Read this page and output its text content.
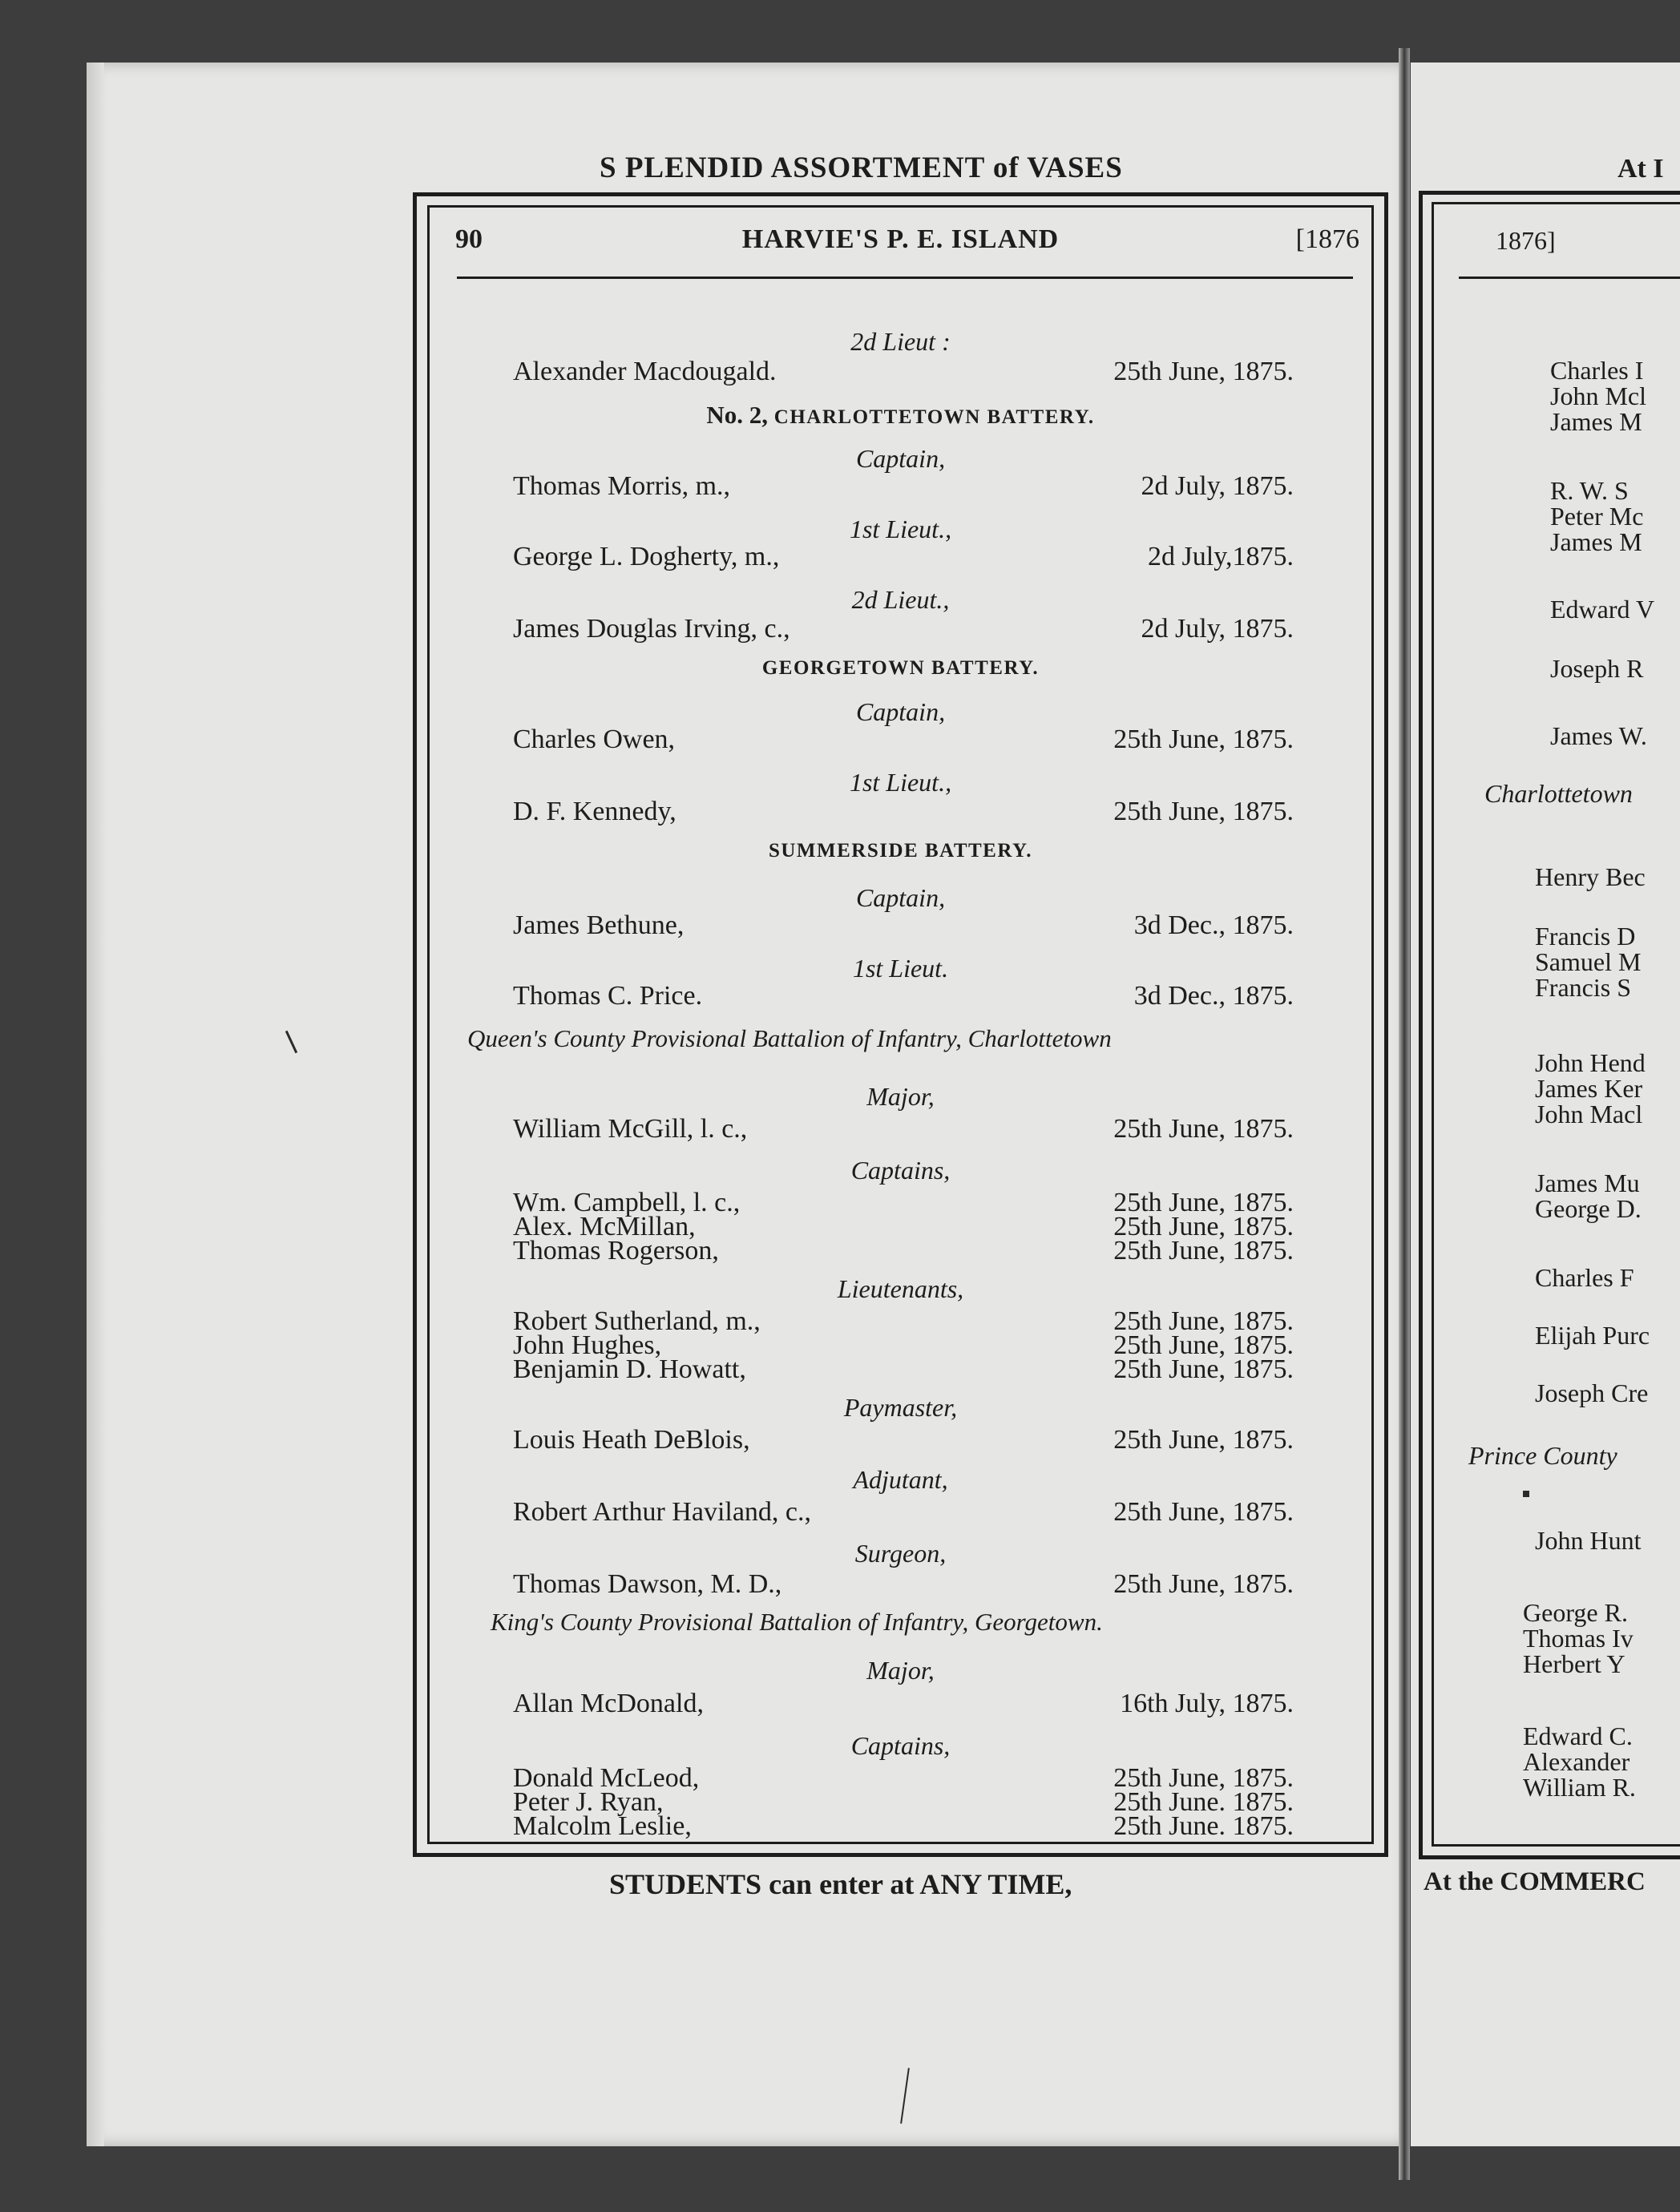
S PLENDID ASSORTMENT of VASES
90	HARVIE'S P. E. ISLAND	[1876
2d Lieut :
Alexander Macdougald.	25th June, 1875.
No. 2, CHARLOTTETOWN BATTERY.
Captain,
Thomas Morris, m.,	2d July, 1875.
1st Lieut.,
George L. Dogherty, m.,	2d July,1875.
2d Lieut.,
James Douglas Irving, c.,	2d July, 1875.
GEORGETOWN BATTERY.
Captain,
Charles Owen,	25th June, 1875.
1st Lieut.,
D. F. Kennedy,	25th June, 1875.
SUMMERSIDE BATTERY.
Captain,
James Bethune,	3d Dec., 1875.
1st Lieut.
Thomas C. Price.	3d Dec., 1875.
Queen's County Provisional Battalion of Infantry, Charlottetown
Major,
William McGill, l. c.,	25th June, 1875.
Captains,
Wm. Campbell, l. c.,	25th June, 1875.
Alex. McMillan,	25th June, 1875.
Thomas Rogerson,	25th June, 1875.
Lieutenants,
Robert Sutherland, m.,	25th June, 1875.
John Hughes,	25th June, 1875.
Benjamin D. Howatt,	25th June, 1875.
Paymaster,
Louis Heath DeBlois,	25th June, 1875.
Adjutant,
Robert Arthur Haviland, c.,	25th June, 1875.
Surgeon,
Thomas Dawson, M. D.,	25th June, 1875.
King's County Provisional Battalion of Infantry, Georgetown.
Major,
Allan McDonald,	16th July, 1875.
Captains,
Donald McLeod,	25th June, 1875.
Peter J. Ryan,	25th June. 1875.
Malcolm Leslie,	25th June. 1875.
STUDENTS can enter at ANY TIME,
At I
1876]
Charles I
John Mcl
James M
R. W. S
Peter Mc
James M
Edward V
Joseph R
James W.
Charlottetown
Henry Bec
Francis D
Samuel M
Francis S
John Hend
James Ker
John Macl
James Mu
George D.
Charles F
Elijah Purc
Joseph Cre
Prince County
John Hunt
George R.
Thomas Iv
Herbert Y
Edward C.
Alexander
William R.
At the COMMERC
